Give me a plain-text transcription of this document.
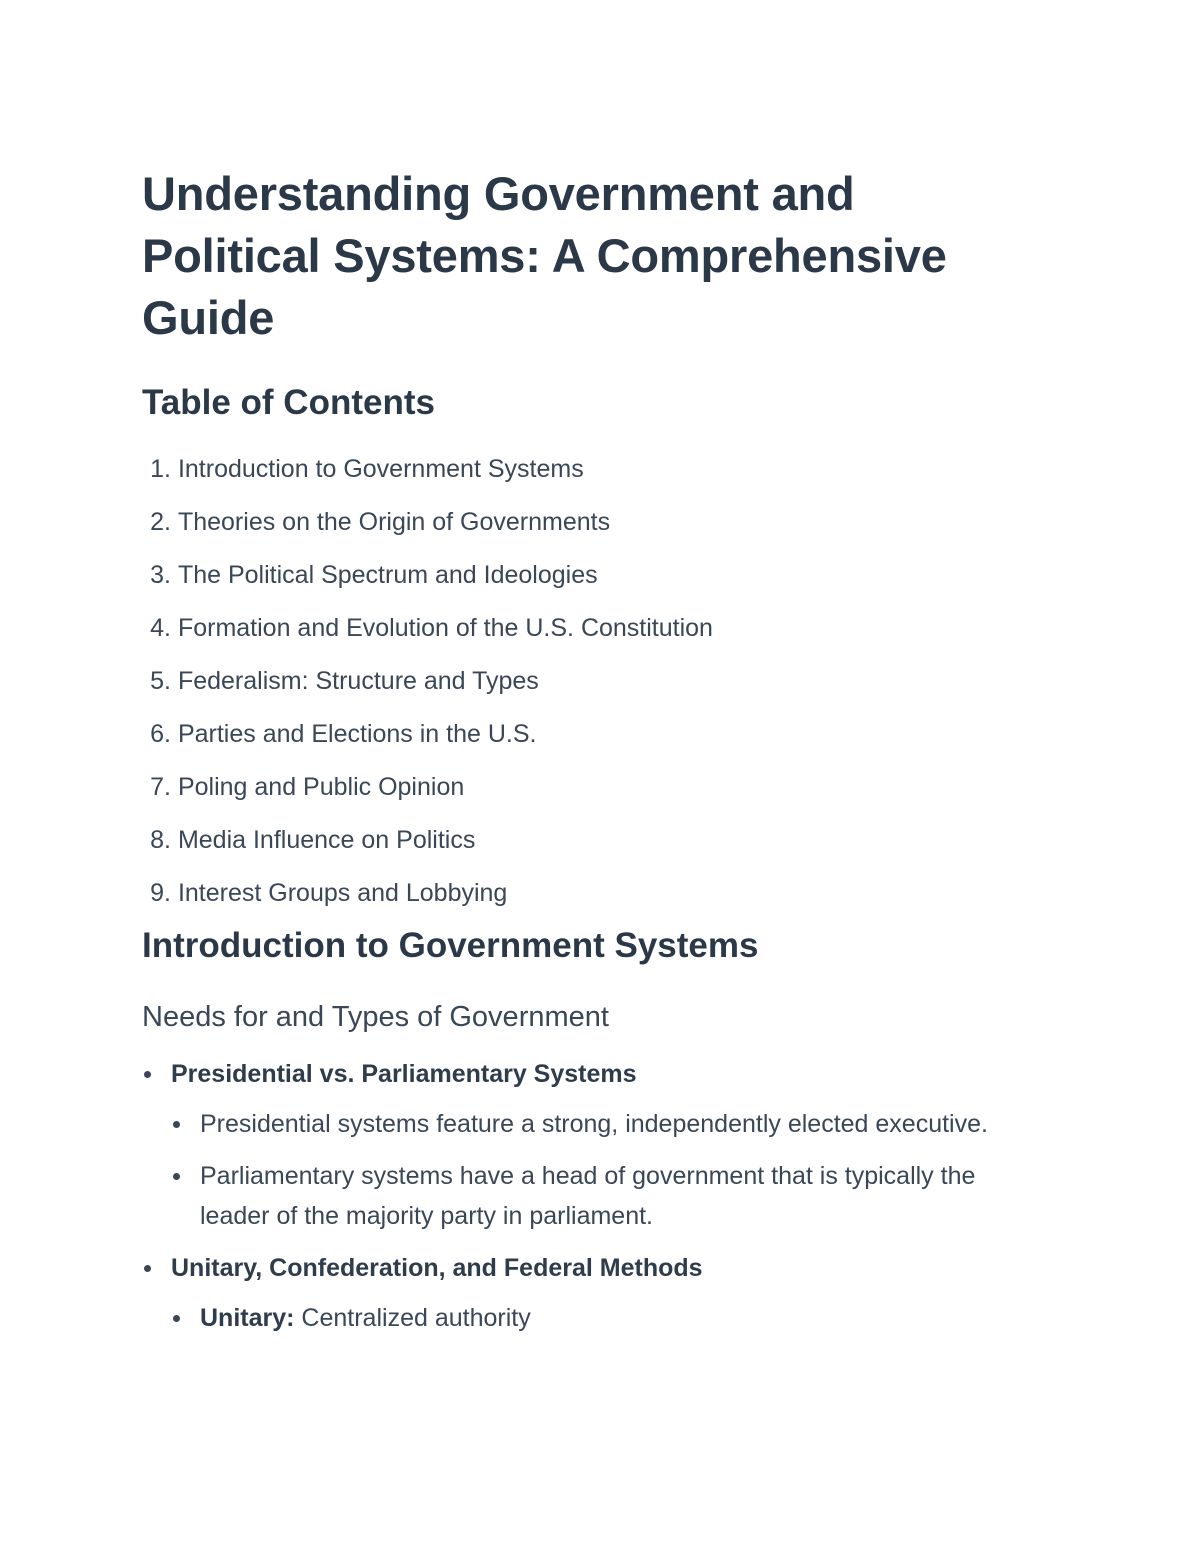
Understanding Government and Political Systems: A Comprehensive Guide
Table of Contents
1.
Introduction to Government Systems
2.
Theories on the Origin of Governments
3.
The Political Spectrum and Ideologies
4.
Formation and Evolution of the U.S. Constitution
5.
Federalism: Structure and Types
6.
Parties and Elections in the U.S.
7.
Poling and Public Opinion
8.
Media Influence on Politics
9.
Interest Groups and Lobbying
Introduction to Government Systems
Needs for and Types of Government
Presidential vs. Parliamentary Systems
Presidential systems feature a strong, independently elected executive.
Parliamentary systems have a head of government that is typically the leader of the majority party in parliament.
Unitary, Confederation, and Federal Methods
Unitary: Centralized authority
